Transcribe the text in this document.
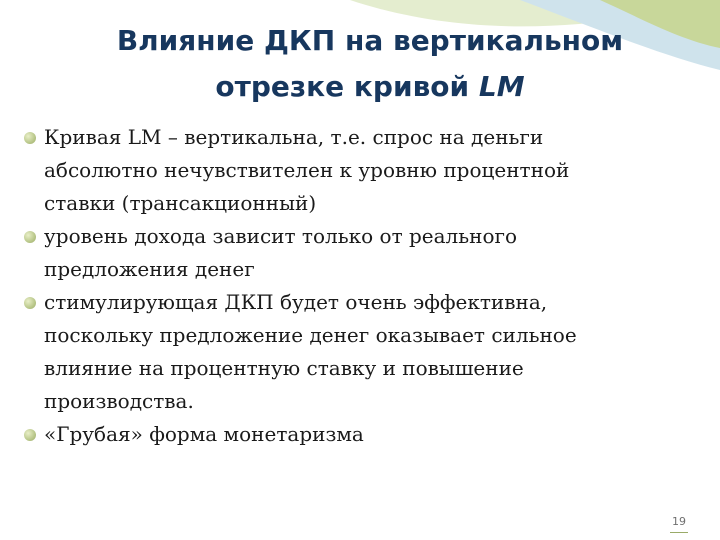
Влияние ДКП на вертикальном
отрезке кривой LM
Кривая LM – вертикальна, т.е. спрос на деньги
абсолютно нечувствителен к уровню процентной
ставки (трансакционный)
уровень дохода зависит только от реального
предложения денег
стимулирующая ДКП будет очень эффективна,
поскольку предложение денег оказывает сильное
влияние на процентную ставку и повышение
производства.
«Грубая» форма монетаризма
19
